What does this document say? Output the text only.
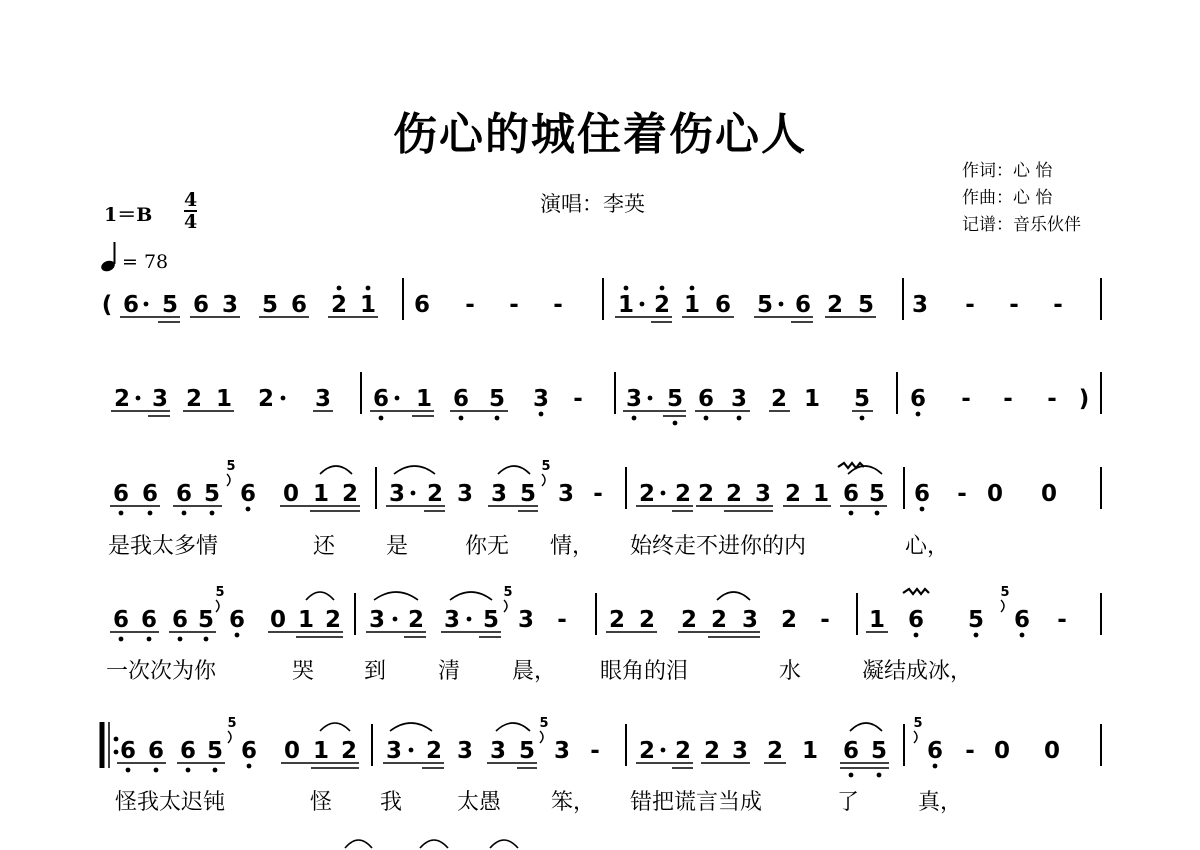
伤心的城住着伤心人
演唱：李英
作词：心 怡
作曲：心 怡
记谱：音乐伙伴
1＝B
4
4
= 78
(
)
6 5 6 3 5 6 2 1 6 - - - 1 2 1 6 5 6 2 5 3 - - -
2 3 2 1 2 3 6 1 6 5 3 - 3 5 6 3 2 1 5 6 - - -
6 6 6 5
5
6 0 1 2 3 2 3 3 5
5
3 - 2 2 2 2 3 2 1 6 5 6 - 0 0
是我太多情	还 是	你无 情， 始终走不进你的内	心，
6 6 6 5
5
6 0 1 2 3 2 3 5
5
3 - 2 2 2 2 3 2 - 1 6 5
5
6 -
一次次为你	哭 到 清 晨， 眼角的泪	水	凝结成冰，
6 6 6 5
5
6 0 1 2 3 2 3 3 5
5
3 - 2 2 2 3 2 1 6 5
5
6 - 0 0
怪我太迟钝	怪 我 太愚 笨， 错把谎言当成	了	真，
